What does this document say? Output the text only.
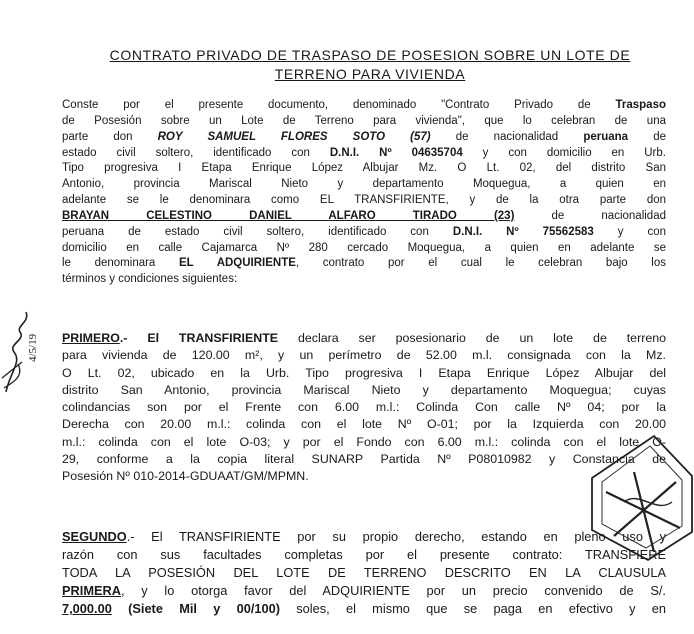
CONTRATO PRIVADO DE TRASPASO DE POSESION SOBRE UN LOTE DE
TERRENO PARA VIVIENDA
Conste por el presente documento, denominado "Contrato Privado de Traspaso
de Posesión sobre un Lote de Terreno para vivienda", que lo celebran de una
parte don ROY SAMUEL FLORES SOTO (57) de nacionalidad peruana de
estado civil soltero, identificado con D.N.I. Nº 04635704 y con domicilio en Urb.
Tipo progresiva I Etapa Enrique López Albujar Mz. O Lt. 02, del distrito San
Antonio, provincia Mariscal Nieto y departamento Moquegua, a quien en
adelante se le denominara como EL TRANSFIRIENTE, y de la otra parte don
BRAYAN CELESTINO DANIEL ALFARO TIRADO (23) de nacionalidad
peruana de estado civil soltero, identificado con D.N.I. Nº 75562583 y con
domicilio en calle Cajamarca Nº 280 cercado Moquegua, a quien en adelante se
le denominara EL ADQUIRIENTE, contrato por el cual le celebran bajo los
términos y condiciones siguientes:
PRIMERO.- El TRANSFIRIENTE declara ser posesionario de un lote de terreno
para vivienda de 120.00 m², y un perímetro de 52.00 m.l. consignada con la Mz.
O Lt. 02, ubicado en la Urb. Tipo progresiva I Etapa Enrique López Albujar del
distrito San Antonio, provincia Mariscal Nieto y departamento Moquegua; cuyas
colindancias son por el Frente con 6.00 m.l.: Colinda Con calle Nº 04; por la
Derecha con 20.00 m.l.: colinda con el lote Nº O-01; por la Izquierda con 20.00
m.l.: colinda con el lote O-03; y por el Fondo con 6.00 m.l.: colinda con el lote O-
29, conforme a la copia literal SUNARP Partida Nº P08010982 y Constancia de
Posesión Nº 010-2014-GDUAAT/GM/MPMN.
SEGUNDO.- El TRANSFIRIENTE por su propio derecho, estando en pleno uso y
razón con sus facultades completas por el presente contrato: TRANSFIERE
TODA LA POSESIÓN DEL LOTE DE TERRENO DESCRITO EN LA CLAUSULA
PRIMERA, y lo otorga favor del ADQUIRIENTE por un precio convenido de S/.
7,000.00 (Siete Mil y 00/100) soles, el mismo que se paga en efectivo y en
4/5/19
